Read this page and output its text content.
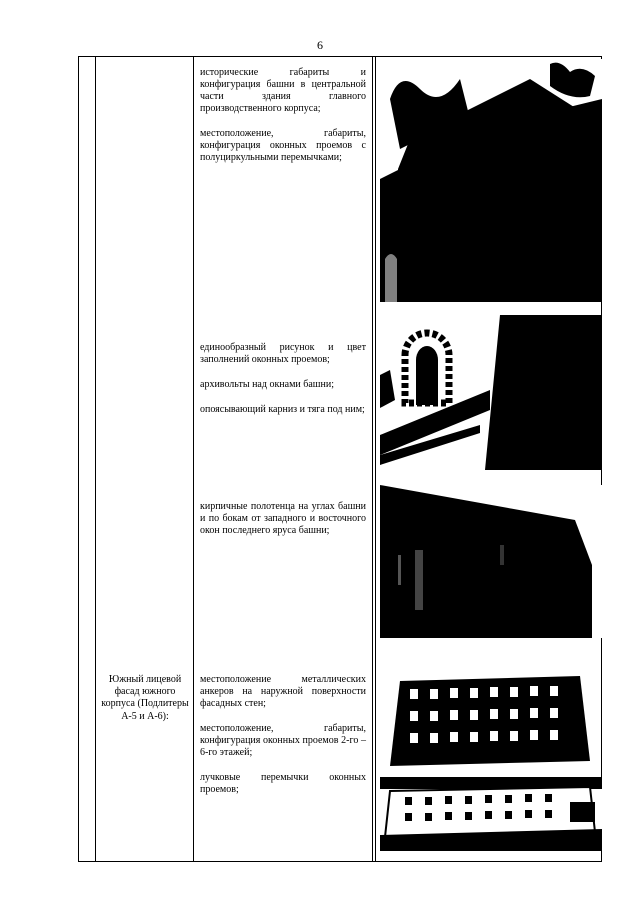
6

исторические габариты и конфигурация башни в центральной части здания главного производственного корпуса;

местоположение, габариты, конфигурация оконных проемов с полуциркульными перемычками;

единообразный рисунок и цвет заполнений оконных проемов;

архивольты над окнами башни;

опоясывающий карниз и тяга под ним;

кирпичные полотенца на углах башни и по бокам от западного и восточного окон последнего яруса башни;

Южный лицевой фасад южного корпуса (Подлитеры А-5 и А-6):

местоположение металлических анкеров на наружной поверхности фасадных стен;

местоположение, габариты, конфигурация оконных проемов 2-го – 6-го этажей;

лучковые перемычки оконных проемов;
